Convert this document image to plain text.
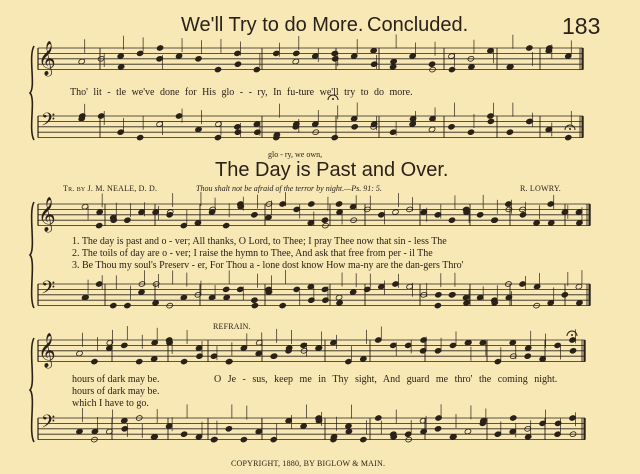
𝄞
𝄢
𝄞
𝄢
𝄞
𝄢
We'll Try to do More. Concluded.	183
Tho' lit - tle we've done for His glo - - ry, In fu-ture we'll try to do more.
glo - ry, we own,
The Day is Past and Over.
Tr. by J. M. NEALE, D. D.	Thou shalt not be afraid of the terror by night.—Ps. 91: 5.	R. LOWRY.
1. The day is past and o - ver; All thanks, O Lord, to Thee; I pray Thee now that sin - less The
2. The toils of day are o - ver; I raise the hymn to Thee, And ask that free from per - il The
3. Be Thou my soul's Preserv - er, For Thou a - lone dost know How ma-ny are the dan-gers Thro'
REFRAIN.
hours of dark may be.
hours of dark may be.
which I have to go.
O Je - sus, keep me in Thy sight, And guard me thro' the coming night.
COPYRIGHT, 1880, BY BIGLOW & MAIN.
